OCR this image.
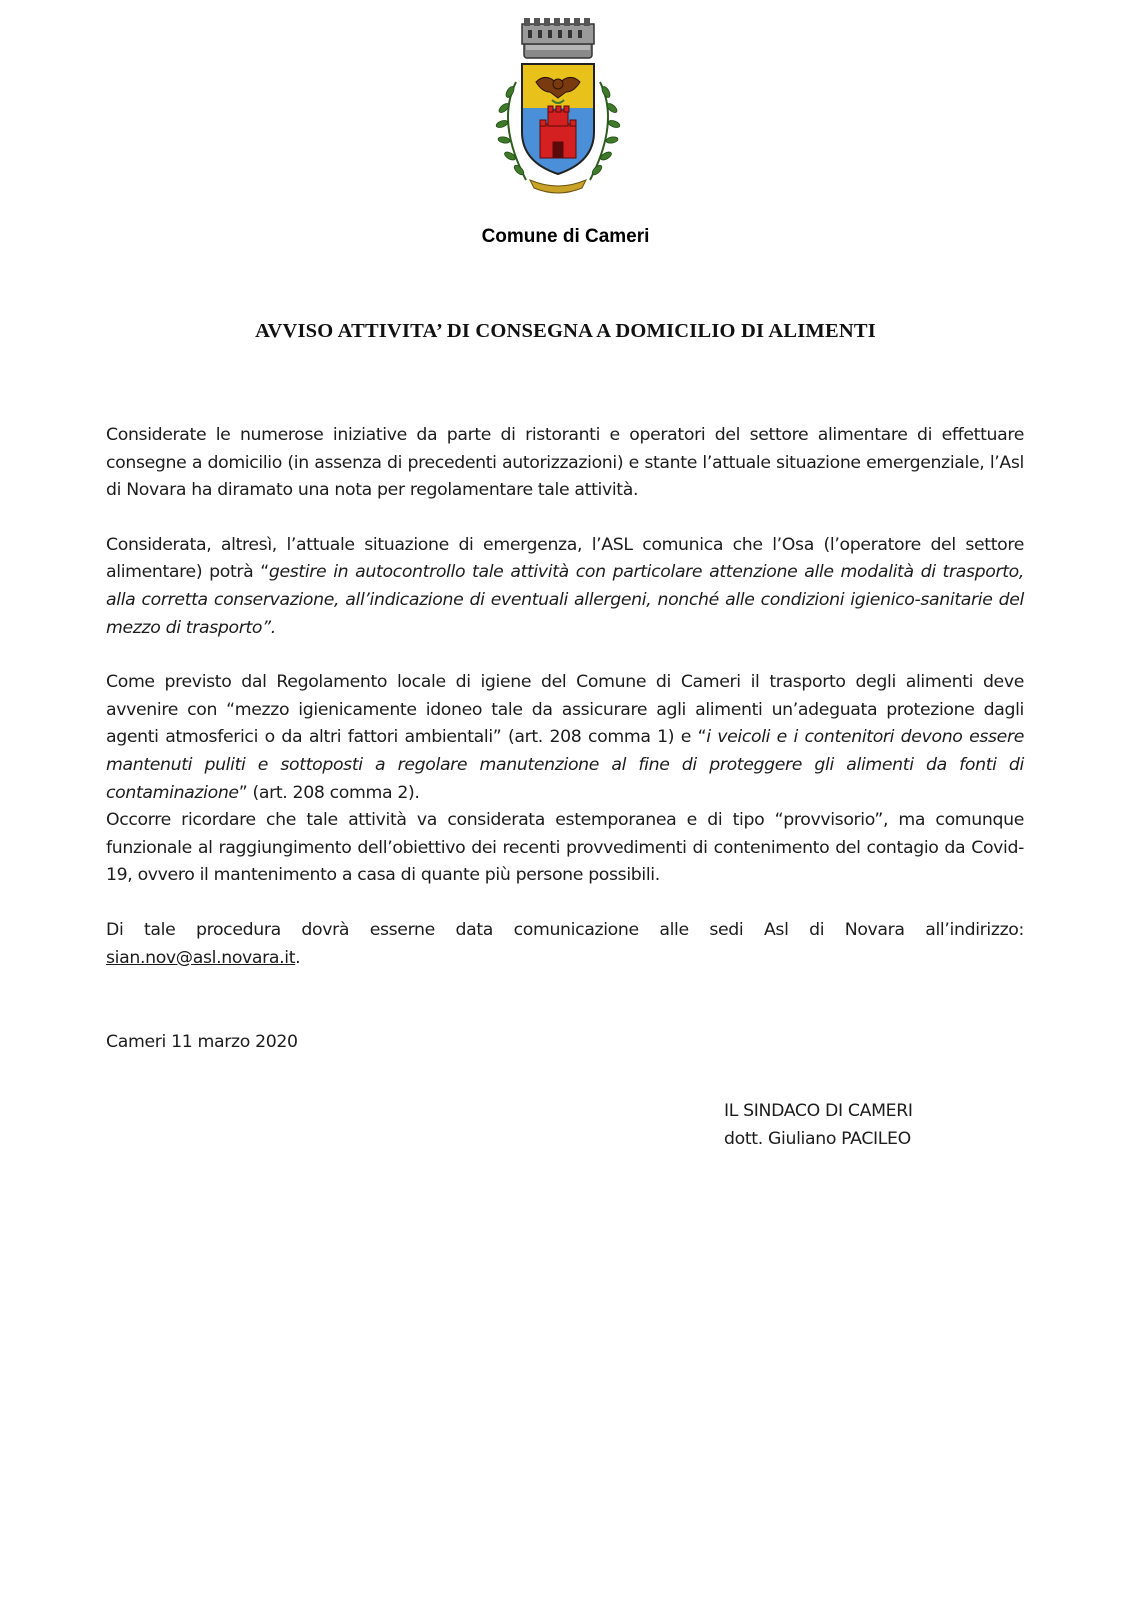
Comune di Cameri
AVVISO ATTIVITA’ DI CONSEGNA A DOMICILIO DI ALIMENTI

Considerate le numerose iniziative da parte di ristoranti e operatori del settore alimentare di effettuare consegne a domicilio (in assenza di precedenti autorizzazioni) e stante l’attuale situazione emergenziale, l’Asl di Novara ha diramato una nota per regolamentare tale attività.

Considerata, altresì, l’attuale situazione di emergenza, l’ASL comunica che l’Osa (l’operatore del settore alimentare) potrà “gestire in autocontrollo tale attività con particolare attenzione alle modalità di trasporto, alla corretta conservazione, all’indicazione di eventuali allergeni, nonché alle condizioni igienico-sanitarie del mezzo di trasporto”.

Come previsto dal Regolamento locale di igiene del Comune di Cameri il trasporto degli alimenti deve avvenire con “mezzo igienicamente idoneo tale da assicurare agli alimenti un’adeguata protezione dagli agenti atmosferici o da altri fattori ambientali” (art. 208 comma 1) e “i veicoli e i contenitori devono essere mantenuti puliti e sottoposti a regolare manutenzione al fine di proteggere gli alimenti da fonti di contaminazione” (art. 208 comma 2).

Occorre ricordare che tale attività va considerata estemporanea e di tipo “provvisorio”, ma comunque funzionale al raggiungimento dell’obiettivo dei recenti provvedimenti di contenimento del contagio da Covid-19, ovvero il mantenimento a casa di quante più persone possibili.

Di tale procedura dovrà esserne data comunicazione alle sedi Asl di Novara all’indirizzo: sian.nov@asl.novara.it.

Cameri 11 marzo 2020
IL SINDACO DI CAMERI
dott. Giuliano PACILEO
